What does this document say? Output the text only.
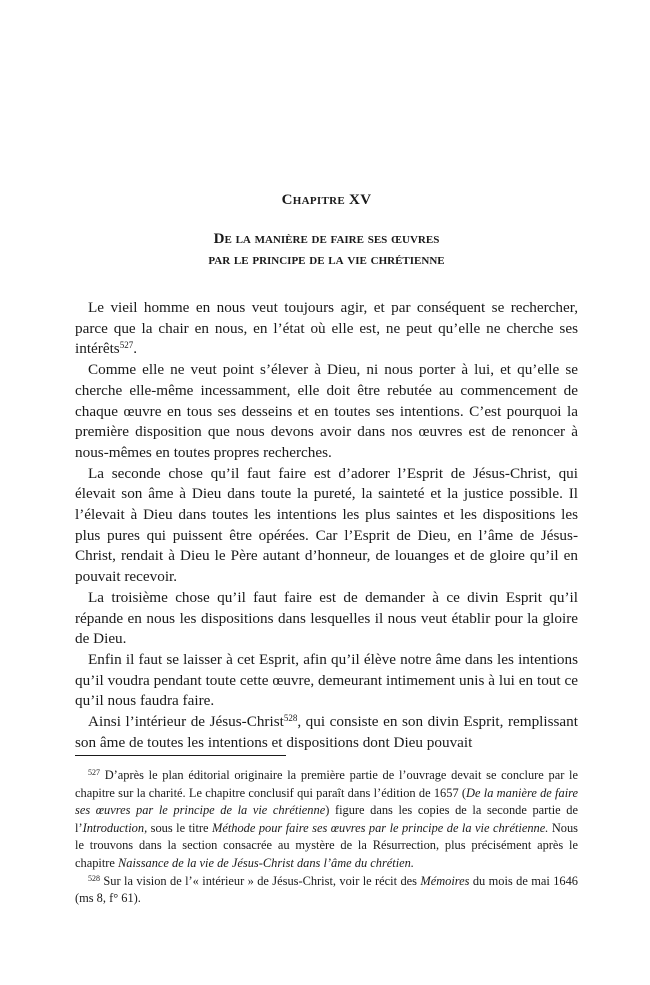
Chapitre XV
De la manière de faire ses œuvres
par le principe de la vie chrétienne

Le vieil homme en nous veut toujours agir, et par conséquent se rechercher, parce que la chair en nous, en l’état où elle est, ne peut qu’elle ne cherche ses intérêts$^{527}$.

Comme elle ne veut point s’élever à Dieu, ni nous porter à lui, et qu’elle se cherche elle-même incessamment, elle doit être rebutée au commencement de chaque œuvre en tous ses desseins et en toutes ses intentions. C’est pourquoi la première disposition que nous devons avoir dans nos œuvres est de renoncer à nous-mêmes en toutes propres recherches.

La seconde chose qu’il faut faire est d’adorer l’Esprit de Jésus-Christ, qui élevait son âme à Dieu dans toute la pureté, la sainteté et la justice possible. Il l’élevait à Dieu dans toutes les intentions les plus saintes et les dispositions les plus pures qui puissent être opérées. Car l’Esprit de Dieu, en l’âme de Jésus-Christ, rendait à Dieu le Père autant d’honneur, de louanges et de gloire qu’il en pouvait recevoir.

La troisième chose qu’il faut faire est de demander à ce divin Esprit qu’il répande en nous les dispositions dans lesquelles il nous veut établir pour la gloire de Dieu.

Enfin il faut se laisser à cet Esprit, afin qu’il élève notre âme dans les intentions qu’il voudra pendant toute cette œuvre, demeurant intimement unis à lui en tout ce qu’il nous faudra faire.

Ainsi l’intérieur de Jésus-Christ$^{528}$, qui consiste en son divin Esprit, remplissant son âme de toutes les intentions et dispositions dont Dieu pouvait

$^{527}$ D’après le plan éditorial originaire la première partie de l’ouvrage devait se conclure par le chapitre sur la charité. Le chapitre conclusif qui paraît dans l’édition de 1657 (De la manière de faire ses œuvres par le principe de la vie chrétienne) figure dans les copies de la seconde partie de l’Introduction, sous le titre Méthode pour faire ses œuvres par le principe de la vie chrétienne. Nous le trouvons dans la section consacrée au mystère de la Résurrection, plus précisément après le chapitre Naissance de la vie de Jésus-Christ dans l’âme du chrétien.

$^{528}$ Sur la vision de l’« intérieur » de Jésus-Christ, voir le récit des Mémoires du mois de mai 1646 (ms 8, f° 61).
